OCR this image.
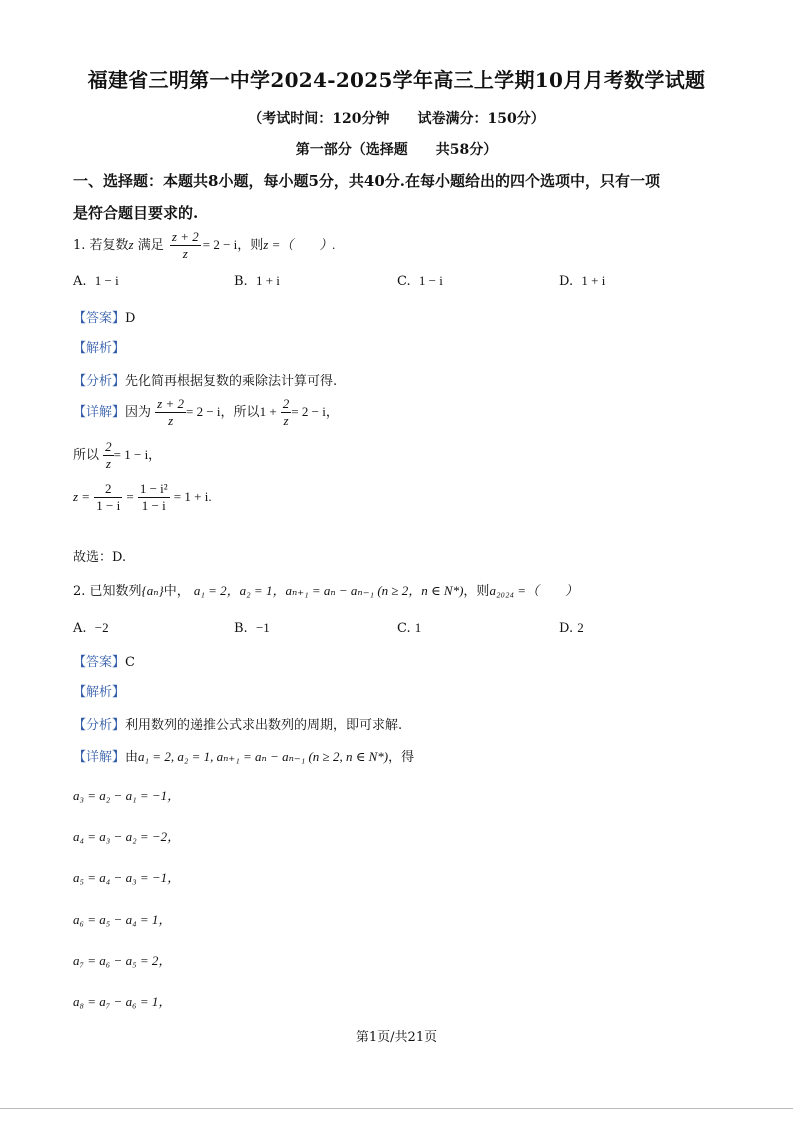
福建省三明第一中学2024-2025学年高三上学期10月月考数学试题
（考试时间：120分钟　　试卷满分：150分）
第一部分（选择题　　共58分）
一、选择题：本题共8小题，每小题5分，共40分.在每小题给出的四个选项中，只有一项
是符合题目要求的.
1. 若复数z 满足 $\frac{z + 2}{z} = 2 - i$，则z =（　　）.
A. 1 − i	B. 1 + i	C. 1 − i	D. 1 + i
【答案】D
【解析】
【分析】先化简再根据复数的乘除法计算可得.
【详解】因为 $\frac{z + 2}{z} = 2 - i$，所以$1 + \frac{2}{z} = 2 - i$，
所以 $\frac{2}{z} = 1 - i$，
$z = \frac{2}{1 - i} = \frac{\text{1 − i²}}{1 - i} = 1 + i$.
故选：D.
2. 已知数列{aₙ}中， a₁ = 2，a₂ = 1，aₙ₊₁ = aₙ − aₙ₋₁ (n ≥ 2，n ∈ N*)，则a₂₀₂₄ =（　　）
A. −2	B. −1	C. 1	D. 2
【答案】C
【解析】
【分析】利用数列的递推公式求出数列的周期，即可求解.
【详解】由a₁ = 2, a₂ = 1, aₙ₊₁ = aₙ − aₙ₋₁ (n ≥ 2, n ∈ N*)，得
a₃ = a₂ − a₁ = −1，
a₄ = a₃ − a₂ = −2，
a₅ = a₄ − a₃ = −1，
a₆ = a₅ − a₄ = 1，
a₇ = a₆ − a₅ = 2，
a₈ = a₇ − a₆ = 1，
第1页/共21页
